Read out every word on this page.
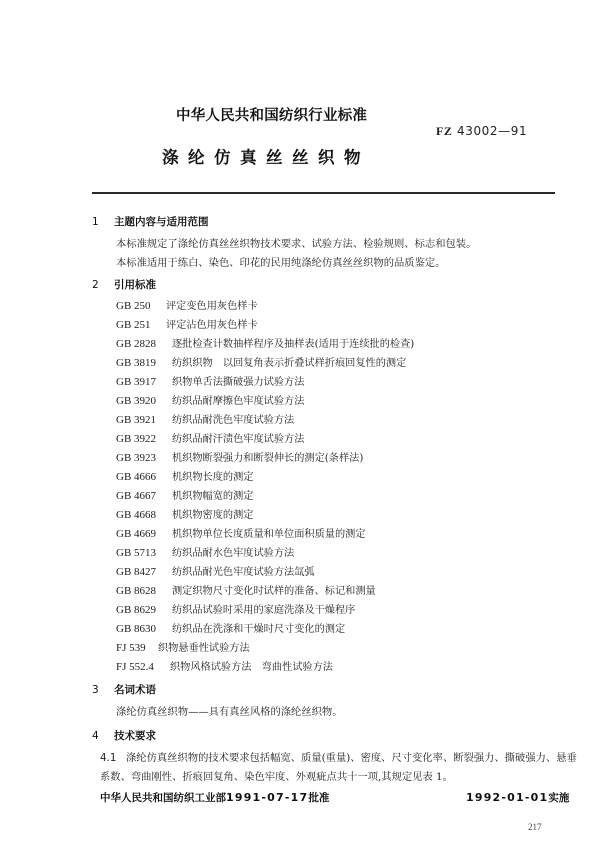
中华人民共和国纺织行业标准
FZ 43002—91
涤纶仿真丝丝织物
1 主题内容与适用范围
本标准规定了涤纶仿真丝丝织物技术要求、试验方法、检验规则、标志和包装。
本标准适用于练白、染色、印花的民用纯涤纶仿真丝丝织物的品质鉴定。
2 引用标准
GB 250 评定变色用灰色样卡
GB 251 评定沾色用灰色样卡
GB 2828 逐批检查计数抽样程序及抽样表(适用于连续批的检查)
GB 3819 纺织织物　以回复角表示折叠试样折痕回复性的测定
GB 3917 织物单舌法撕破强力试验方法
GB 3920 纺织品耐摩擦色牢度试验方法
GB 3921 纺织品耐洗色牢度试验方法
GB 3922 纺织品耐汗渍色牢度试验方法
GB 3923 机织物断裂强力和断裂伸长的测定(条样法)
GB 4666 机织物长度的测定
GB 4667 机织物幅宽的测定
GB 4668 机织物密度的测定
GB 4669 机织物单位长度质量和单位面积质量的测定
GB 5713 纺织品耐水色牢度试验方法
GB 8427 纺织品耐光色牢度试验方法氙弧
GB 8628 测定织物尺寸变化时试样的准备、标记和测量
GB 8629 纺织品试验时采用的家庭洗涤及干燥程序
GB 8630 纺织品在洗涤和干燥时尺寸变化的测定
FJ 539 织物悬垂性试验方法
FJ 552.4 织物风格试验方法　弯曲性试验方法
3 名词术语
涤纶仿真丝织物——具有真丝风格的涤纶丝织物。
4 技术要求
4.1 涤纶仿真丝织物的技术要求包括幅宽、质量(重量)、密度、尺寸变化率、断裂强力、撕破强力、悬垂
系数、弯曲刚性、折痕回复角、染色牢度、外观疵点共十一项,其规定见表 1。
中华人民共和国纺织工业部1991-07-17批准	1992-01-01实施
217
